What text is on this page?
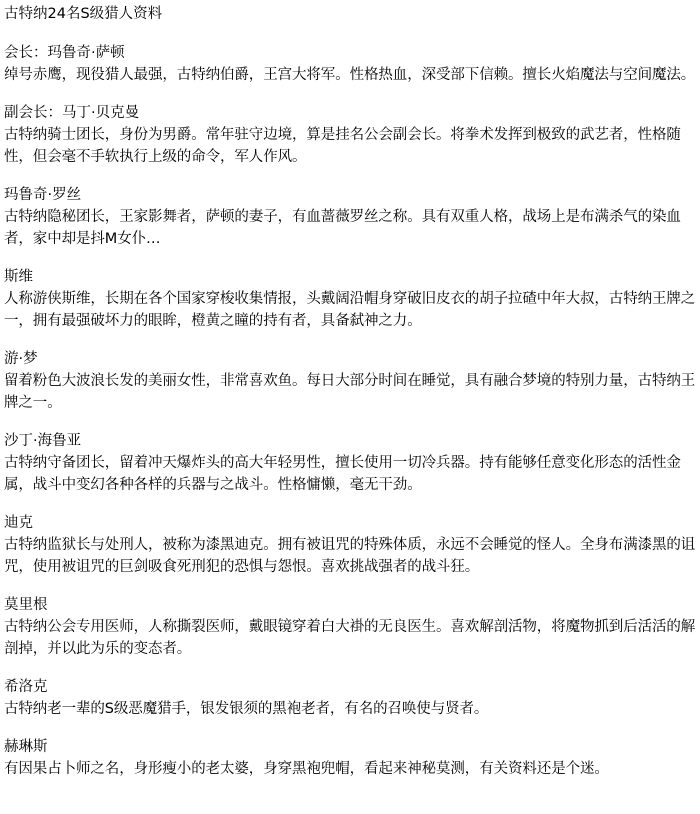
古特纳24名S级猎人资料
会长：玛鲁奇·萨顿
绰号赤鹰，现役猎人最强，古特纳伯爵，王宫大将军。性格热血，深受部下信赖。擅长火焰魔法与空间魔法。
副会长：马丁·贝克曼
古特纳骑士团长，身份为男爵。常年驻守边境，算是挂名公会副会长。将拳术发挥到极致的武艺者，性格随性，但会毫不手软执行上级的命令，军人作风。
玛鲁奇·罗丝
古特纳隐秘团长，王家影舞者，萨顿的妻子，有血蔷薇罗丝之称。具有双重人格，战场上是布满杀气的染血者，家中却是抖M女仆…
斯维
人称游侠斯维，长期在各个国家穿梭收集情报，头戴阔沿帽身穿破旧皮衣的胡子拉碴中年大叔，古特纳王牌之一，拥有最强破坏力的眼眸，橙黄之瞳的持有者，具备弑神之力。
游·梦
留着粉色大波浪长发的美丽女性，非常喜欢鱼。每日大部分时间在睡觉，具有融合梦境的特别力量，古特纳王牌之一。
沙丁·海鲁亚
古特纳守备团长，留着冲天爆炸头的高大年轻男性，擅长使用一切冷兵器。持有能够任意变化形态的活性金属，战斗中变幻各种各样的兵器与之战斗。性格慵懒，毫无干劲。
迪克
古特纳监狱长与处刑人，被称为漆黑迪克。拥有被诅咒的特殊体质，永远不会睡觉的怪人。全身布满漆黑的诅咒，使用被诅咒的巨剑吸食死刑犯的恐惧与怨恨。喜欢挑战强者的战斗狂。
莫里根
古特纳公会专用医师，人称撕裂医师，戴眼镜穿着白大褂的无良医生。喜欢解剖活物，将魔物抓到后活活的解剖掉，并以此为乐的变态者。
希洛克
古特纳老一辈的S级恶魔猎手，银发银须的黑袍老者，有名的召唤使与贤者。
赫琳斯
有因果占卜师之名，身形瘦小的老太婆，身穿黑袍兜帽，看起来神秘莫测，有关资料还是个迷。
